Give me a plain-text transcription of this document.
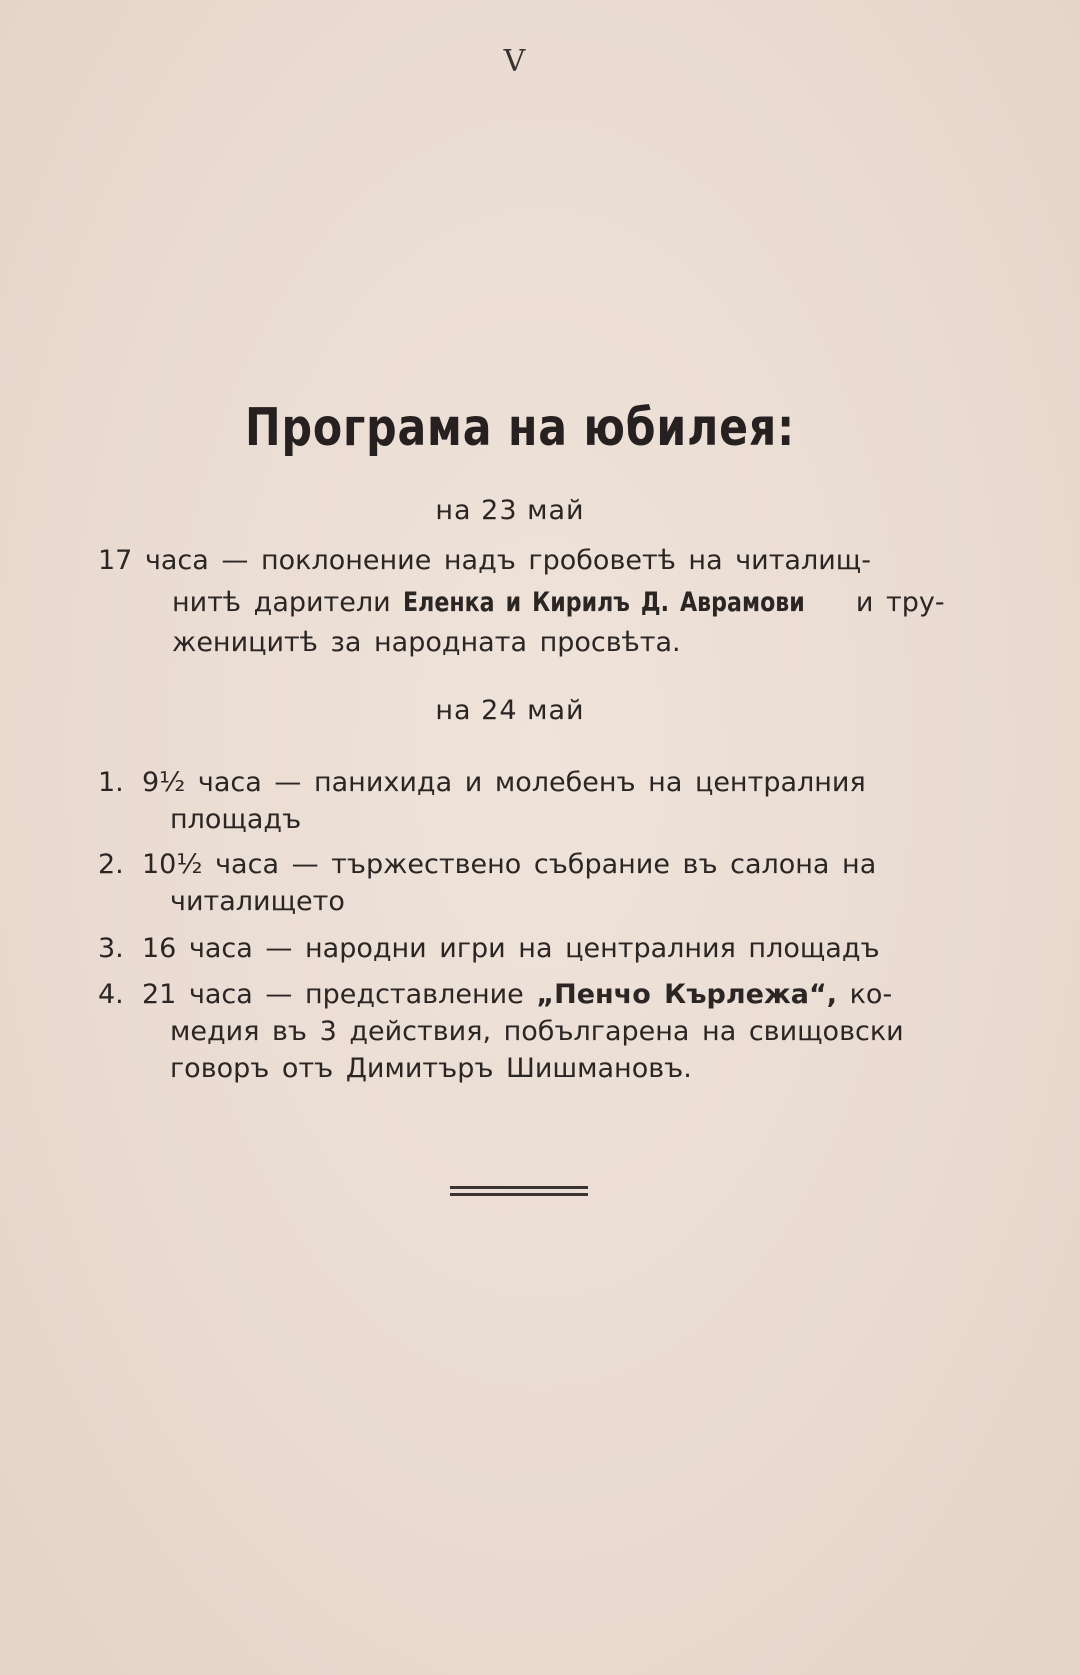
V
Програма на юбилея:
на 23 май
17 часа — поклонение надъ гробоветѣ на читалищ-
нитѣ дарители Еленка и Кирилъ Д. Аврамови и тру-
женицитѣ за народната просвѣта.
на 24 май
1. 9½ часа — панихида и молебенъ на централния
площадъ
2. 10½ часа — тържествено събрание въ салона на
читалището
3. 16 часа — народни игри на централния площадъ
4. 21 часа — представление „Пенчо Кърлежа“, ко-
медия въ 3 действия, побългарена на свищовски
говоръ отъ Димитъръ Шишмановъ.
